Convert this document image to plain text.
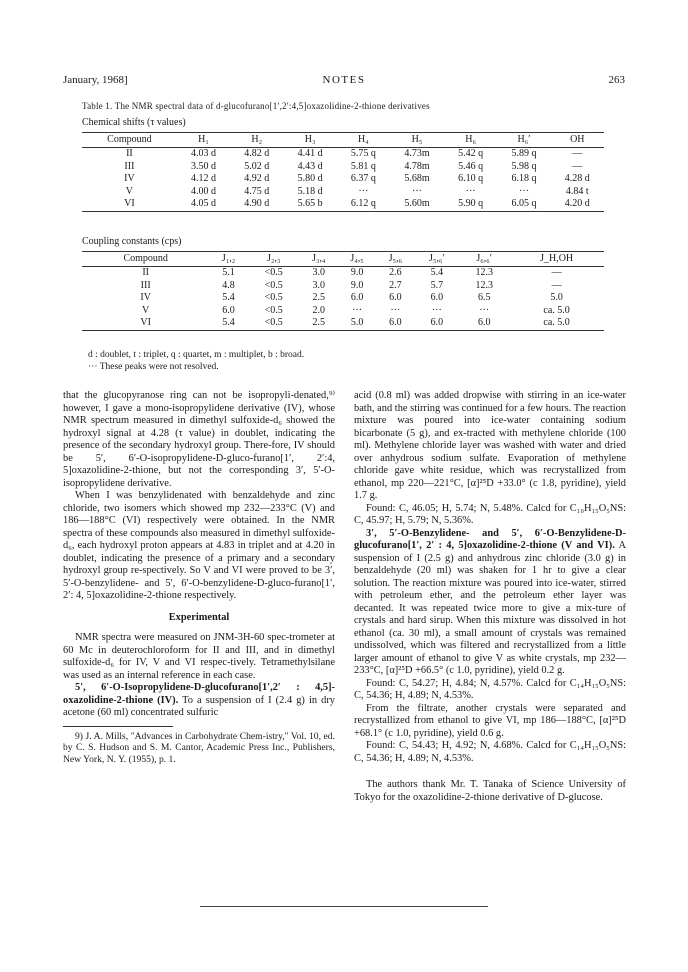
January, 1968]	NOTES	263
Table 1. The NMR spectral data of d-glucofurano[1′,2′:4,5]oxazolidine-2-thione derivatives
Chemical shifts (τ values)
Compound	H₁	H₂	H₃	H₄	H₅	H₆	H₆′	OH
II	4.03 d	4.82 d	4.41 d	5.75 q	4.73m	5.42 q	5.89 q	—
III	3.50 d	5.02 d	4.43 d	5.81 q	4.78m	5.46 q	5.98 q	—
IV	4.12 d	4.92 d	5.80 d	6.37 q	5.68m	6.10 q	6.18 q	4.28 d
V	4.00 d	4.75 d	5.18 d	···	···	···	···	4.84 t
VI	4.05 d	4.90 d	5.65 b	6.12 q	5.60m	5.90 q	6.05 q	4.20 d
Coupling constants (cps)
Compound	J₁,₂	J₂,₃	J₃,₄	J₄,₅	J₅,₆	J₅,₆′	J₆,₆′	J_H,OH
II	5.1	<0.5	3.0	9.0	2.6	5.4	12.3	—
III	4.8	<0.5	3.0	9.0	2.7	5.7	12.3	—
IV	5.4	<0.5	2.5	6.0	6.0	6.0	6.5	5.0
V	6.0	<0.5	2.0	···	···	···	···	ca. 5.0
VI	5.4	<0.5	2.5	5.0	6.0	6.0	6.0	ca. 5.0
d : doublet, t : triplet, q : quartet, m : multiplet, b : broad.
··· These peaks were not resolved.

that the glucopyranose ring can not be isopropyli-denated,⁹⁾ however, I gave a mono-isopropylidene derivative (IV), whose NMR spectrum measured in dimethyl sulfoxide-d₆ showed the hydroxyl signal at 4.28 (τ value) in doublet, indicating the presence of the secondary hydroxyl group. There-fore, IV should be 5′, 6′-O-isopropylidene-D-gluco-furano[1′, 2′:4, 5]oxazolidine-2-thione, but not the corresponding 3′, 5′-O-isopropylidene derivative.

When I was benzylidenated with benzaldehyde and zinc chloride, two isomers which showed mp 232—233°C (V) and 186—188°C (VI) respectively were obtained. In the NMR spectra of these compounds also measured in dimethyl sulfoxide-d₆, each hydroxyl proton appears at 4.83 in triplet and at 4.20 in doublet, indicating the presence of a primary and a secondary hydroxyl group re-spectively. So V and VI were proved to be 3′, 5′-O-benzylidene- and 5′, 6′-O-benzylidene-D-gluco-furano[1′, 2′: 4, 5]oxazolidine-2-thione respectively.

Experimental

NMR spectra were measured on JNM-3H-60 spec-trometer at 60 Mc in deuterochloroform for II and III, and in dimethyl sulfoxide-d₆ for IV, V and VI respec-tively. Tetramethylsilane was used as an internal reference in each case.

5′, 6′-O-Isopropylidene-D-glucofurano[1′,2′ : 4,5]-oxazolidine-2-thione (IV). To a suspension of I (2.4 g) in dry acetone (60 ml) concentrated sulfuric

9) J. A. Mills, "Advances in Carbohydrate Chem-istry," Vol. 10, ed. by C. S. Hudson and S. M. Cantor, Academic Press Inc., Publishers, New York, N. Y. (1955), p. 1.

acid (0.8 ml) was added dropwise with stirring in an ice-water bath, and the stirring was continued for a few hours. The reaction mixture was poured into ice-water containing sodium bicarbonate (5 g), and ex-tracted with methylene chloride (100 ml). Methylene chloride layer was washed with water and dried over anhydrous sodium sulfate. Evaporation of methylene chloride gave white residue, which was recrystallized from ethanol, mp 220—221°C, [α]²⁵D +33.0° (c 1.8, pyridine), yield 1.7 g.

Found: C, 46.05; H, 5.74; N, 5.48%. Calcd for C₁₀H₁₅O₅NS: C, 45.97; H, 5.79; N, 5.36%.

3′, 5′-O-Benzylidene- and 5′, 6′-O-Benzylidene-D-glucofurano[1′, 2′ : 4, 5]oxazolidine-2-thione (V and VI). A suspension of I (2.5 g) and anhydrous zinc chloride (3.0 g) in benzaldehyde (20 ml) was shaken for 1 hr to give a clear solution. The reaction mixture was poured into ice-water, stirred with petroleum ether, and the petroleum ether layer was decanted. It was repeated twice more to give a mix-ture of crystals and hard sirup. When this mixture was dissolved in hot ethanol (ca. 30 ml), a small amount of crystals was remained undissolved, which was filtered and recrystallized from a little larger amount of ethanol to give V as white crystals, mp 232—233°C, [α]²⁵D +66.5° (c 1.0, pyridine), yield 0.2 g.

Found: C, 54.27; H, 4.84; N, 4.57%. Calcd for C₁₄H₁₅O₅NS: C, 54.36; H, 4.89; N, 4.53%.

From the filtrate, another crystals were separated and recrystallized from ethanol to give VI, mp 186—188°C, [α]²⁵D +68.1° (c 1.0, pyridine), yield 0.6 g.

Found: C, 54.43; H, 4.92; N, 4.68%. Calcd for C₁₄H₁₅O₅NS: C, 54.36; H, 4.89; N, 4.53%.

The authors thank Mr. T. Tanaka of Science University of Tokyo for the oxazolidine-2-thione derivative of D-glucose.
